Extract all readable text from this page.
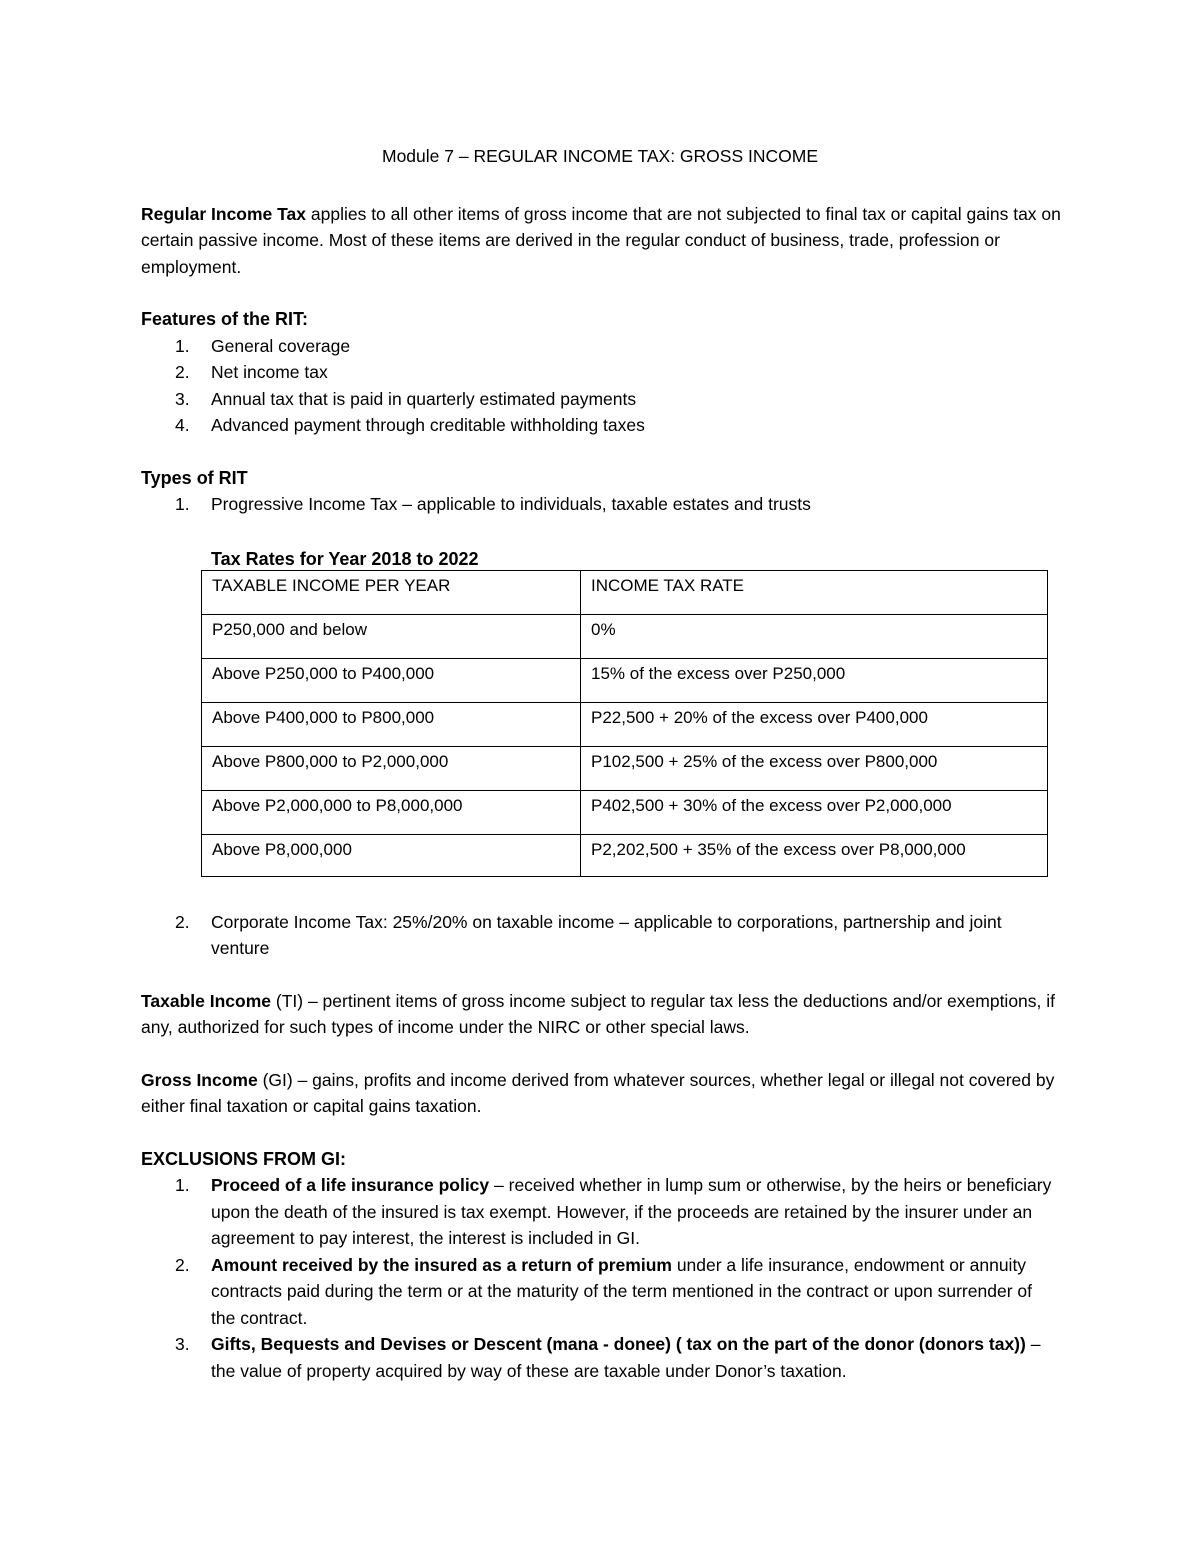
Module 7 – REGULAR INCOME TAX: GROSS INCOME

Regular Income Tax applies to all other items of gross income that are not subjected to final tax or capital gains tax on certain passive income. Most of these items are derived in the regular conduct of business, trade, profession or employment.

Features of the RIT:

1. General coverage
2. Net income tax
3. Annual tax that is paid in quarterly estimated payments
4. Advanced payment through creditable withholding taxes

Types of RIT

1. Progressive Income Tax – applicable to individuals, taxable estates and trusts

Tax Rates for Year 2018 to 2022

TAXABLE INCOME PER YEAR	INCOME TAX RATE
P250,000 and below	0%
Above P250,000 to P400,000	15% of the excess over P250,000
Above P400,000 to P800,000	P22,500 + 20% of the excess over P400,000
Above P800,000 to P2,000,000	P102,500 + 25% of the excess over P800,000
Above P2,000,000 to P8,000,000	P402,500 + 30% of the excess over P2,000,000
Above P8,000,000	P2,202,500 + 35% of the excess over P8,000,000
2. Corporate Income Tax: 25%/20% on taxable income – applicable to corporations, partnership and joint venture

Taxable Income (TI) – pertinent items of gross income subject to regular tax less the deductions and/or exemptions, if any, authorized for such types of income under the NIRC or other special laws.

Gross Income (GI) – gains, profits and income derived from whatever sources, whether legal or illegal not covered by either final taxation or capital gains taxation.

EXCLUSIONS FROM GI:

1. Proceed of a life insurance policy – received whether in lump sum or otherwise, by the heirs or beneficiary upon the death of the insured is tax exempt. However, if the proceeds are retained by the insurer under an agreement to pay interest, the interest is included in GI.
2. Amount received by the insured as a return of premium under a life insurance, endowment or annuity contracts paid during the term or at the maturity of the term mentioned in the contract or upon surrender of the contract.
3. Gifts, Bequests and Devises or Descent (mana - donee) ( tax on the part of the donor (donors tax)) – the value of property acquired by way of these are taxable under Donor’s taxation.
